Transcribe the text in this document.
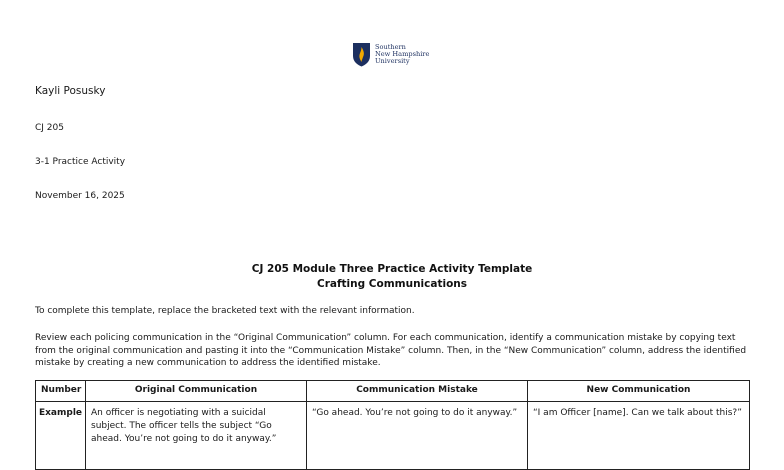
Southern
New Hampshire
University
Kayli Posusky
CJ 205
3-1 Practice Activity
November 16, 2025
CJ 205 Module Three Practice Activity Template
Crafting Communications
To complete this template, replace the bracketed text with the relevant information.
Review each policing communication in the “Original Communication” column. For each communication, identify a communication mistake by copying text from the original communication and pasting it into the “Communication Mistake” column. Then, in the “New Communication” column, address the identified mistake by creating a new communication to address the identified mistake.
Number	Original Communication	Communication Mistake	New Communication
Example	An officer is negotiating with a suicidal subject. The officer tells the subject “Go ahead. You’re not going to do it anyway.”	“Go ahead. You’re not going to do it anyway.”	“I am Officer [name]. Can we talk about this?”
